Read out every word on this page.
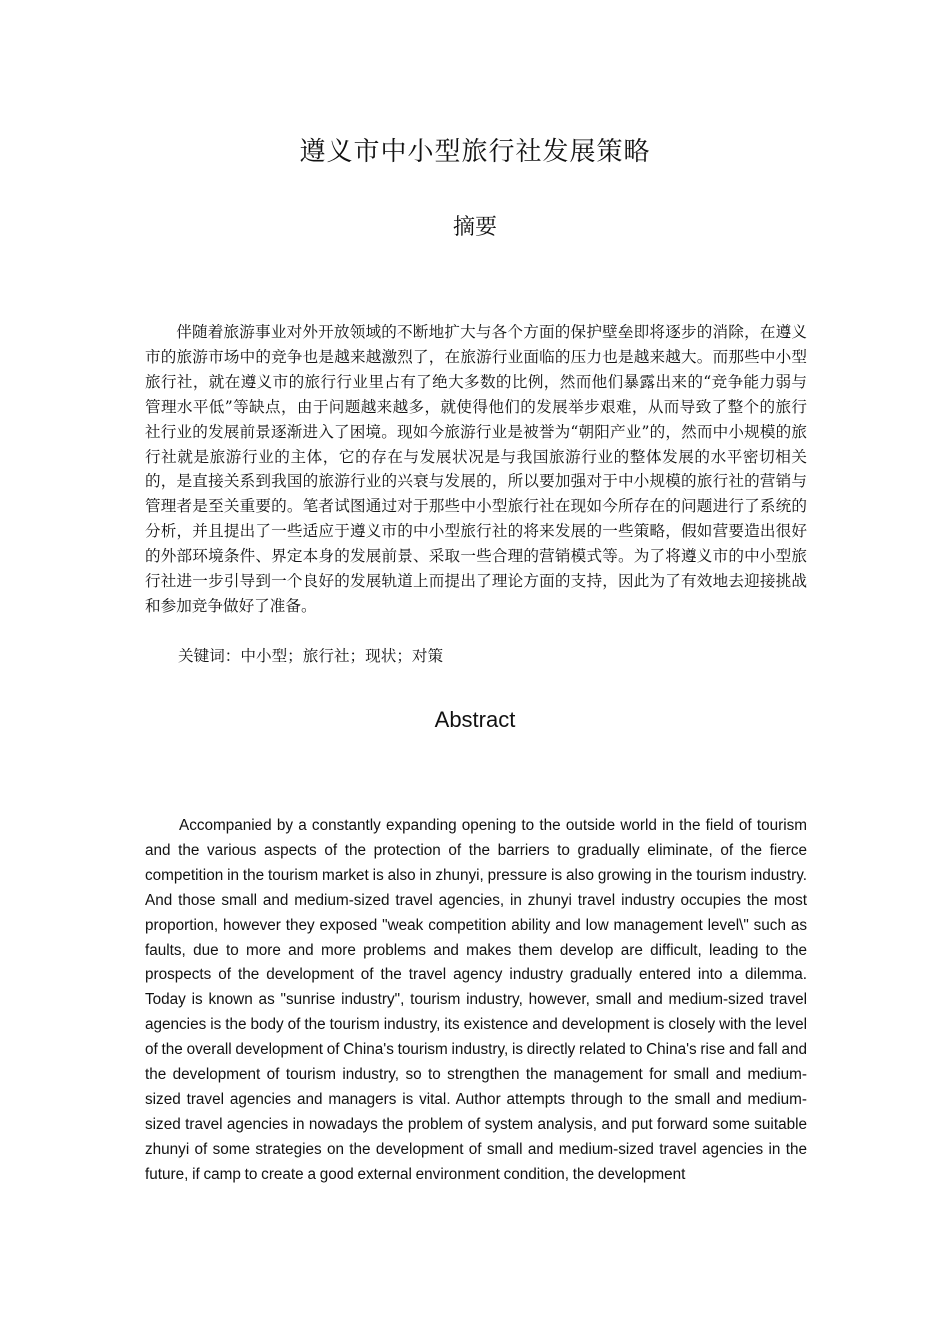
遵义市中小型旅行社发展策略
摘要

伴随着旅游事业对外开放领域的不断地扩大与各个方面的保护壁垒即将逐步的消除，在遵义市的旅游市场中的竞争也是越来越激烈了，在旅游行业面临的压力也是越来越大。而那些中小型旅行社，就在遵义市的旅行行业里占有了绝大多数的比例，然而他们暴露出来的“竞争能力弱与管理水平低”等缺点，由于问题越来越多，就使得他们的发展举步艰难，从而导致了整个的旅行社行业的发展前景逐渐进入了困境。现如今旅游行业是被誉为“朝阳产业”的，然而中小规模的旅行社就是旅游行业的主体，它的存在与发展状况是与我国旅游行业的整体发展的水平密切相关的，是直接关系到我国的旅游行业的兴衰与发展的，所以要加强对于中小规模的旅行社的营销与管理者是至关重要的。笔者试图通过对于那些中小型旅行社在现如今所存在的问题进行了系统的分析，并且提出了一些适应于遵义市的中小型旅行社的将来发展的一些策略，假如营要造出很好的外部环境条件、界定本身的发展前景、采取一些合理的营销模式等。为了将遵义市的中小型旅行社进一步引导到一个良好的发展轨道上而提出了理论方面的支持，因此为了有效地去迎接挑战和参加竞争做好了准备。

关键词：中小型；旅行社；现状；对策

Abstract

Accompanied by a constantly expanding opening to the outside world in the field of tourism and the various aspects of the protection of the barriers to gradually eliminate, of the fierce competition in the tourism market is also in zhunyi, pressure is also growing in the tourism industry. And those small and medium-sized travel agencies, in zhunyi travel industry occupies the most proportion, however they exposed "weak competition ability and low management level\" such as faults, due to more and more problems and makes them develop are difficult, leading to the prospects of the development of the travel agency industry gradually entered into a dilemma. Today is known as "sunrise industry", tourism industry, however, small and medium-sized travel agencies is the body of the tourism industry, its existence and development is closely with the level of the overall development of China's tourism industry, is directly related to China's rise and fall and the development of tourism industry, so to strengthen the management for small and medium-sized travel agencies and managers is vital. Author attempts through to the small and medium-sized travel agencies in nowadays the problem of system analysis, and put forward some suitable zhunyi of some strategies on the development of small and medium-sized travel agencies in the future, if camp to create a good external environment condition, the development
